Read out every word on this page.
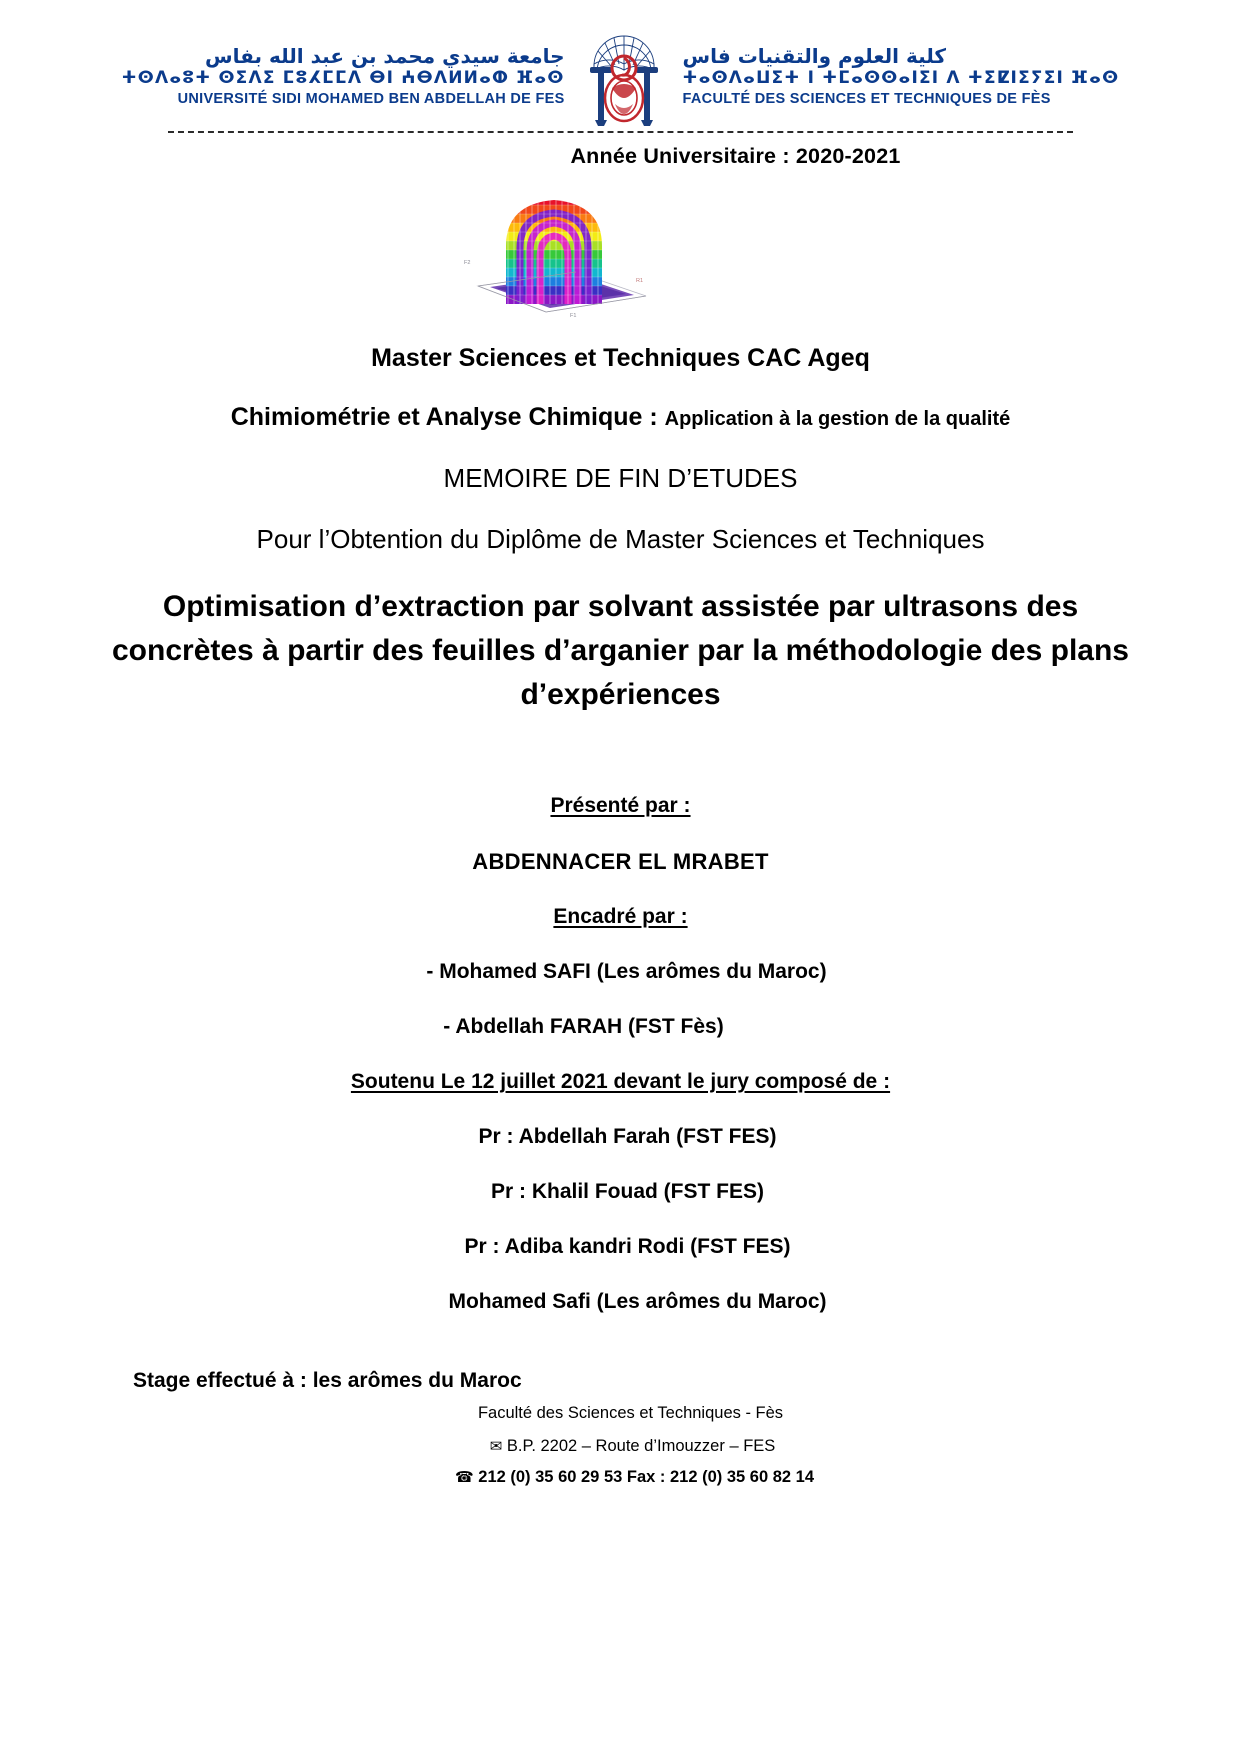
جامعة سيدي محمد بن عبد الله بفاس
ⵜⵙⴷⴰⵓⵜ ⵙⵉⴷⵉ ⵎⵓⵃⵎⵎⴷ ⴱⵏ ⵄⴱⴷⵍⵍⴰⵀ ⴼⴰⵙ
UNIVERSITÉ SIDI MOHAMED BEN ABDELLAH DE FES
كلية العلوم والتقنيات فاس
ⵜⴰⵙⴷⴰⵡⵉⵜ ⵏ ⵜⵎⴰⵙⵙⴰⵏⵉⵏ ⴷ ⵜⵉⵇⵏⵉⵢⵉⵏ ⴼⴰⵙ
FACULTÉ DES SCIENCES ET TECHNIQUES DE FÈS
Année Universitaire : 2020-2021
F2
F1
R1

Master Sciences et Techniques CAC Ageq

Chimiométrie et Analyse Chimique : Application à la gestion de la qualité

MEMOIRE DE FIN D’ETUDES

Pour l’Obtention du Diplôme de Master Sciences et Techniques

Optimisation d’extraction par solvant assistée par ultrasons des concrètes à partir des feuilles d’arganier par la méthodologie des plans d’expériences

Présenté par :

ABDENNACER EL MRABET

Encadré par :

- Mohamed SAFI (Les arômes du Maroc)

- Abdellah FARAH (FST Fès)

Soutenu Le 12 juillet 2021 devant le jury composé de :

Pr : Abdellah Farah (FST FES)

Pr : Khalil Fouad (FST FES)

Pr : Adiba kandri Rodi (FST FES)

Mohamed Safi (Les arômes du Maroc)

Stage effectué à : les arômes du Maroc
Faculté des Sciences et Techniques - Fès
✉ B.P. 2202 – Route d’Imouzzer – FES
☎ 212 (0) 35 60 29 53 Fax : 212 (0) 35 60 82 14
